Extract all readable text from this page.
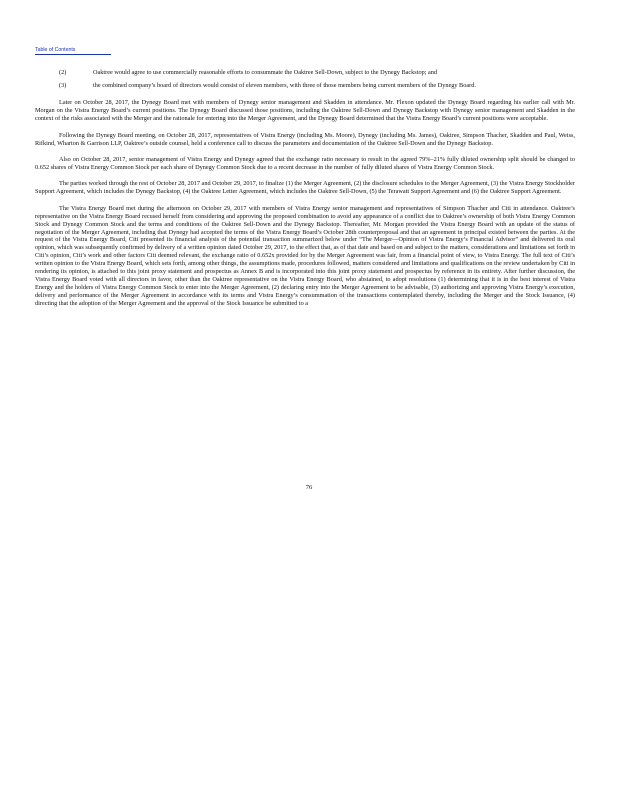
Table of Contents
(2)	Oaktree would agree to use commercially reasonable efforts to consummate the Oaktree Sell-Down, subject to the Dynegy Backstop; and
(3)	the combined company’s board of directors would consist of eleven members, with three of those members being current members of the Dynegy Board.

Later on October 28, 2017, the Dynegy Board met with members of Dynegy senior management and Skadden in attendance. Mr. Flexon updated the Dynegy Board regarding his earlier call with Mr. Morgan on the Vistra Energy Board’s current positions. The Dynegy Board discussed those positions, including the Oaktree Sell-Down and Dynegy Backstop with Dynegy senior management and Skadden in the context of the risks associated with the Merger and the rationale for entering into the Merger Agreement, and the Dynegy Board determined that the Vistra Energy Board’s current positions were acceptable.

Following the Dynegy Board meeting, on October 28, 2017, representatives of Vistra Energy (including Ms. Moore), Dynegy (including Ms. James), Oaktree, Simpson Thacher, Skadden and Paul, Weiss, Rifkind, Wharton & Garrison LLP, Oaktree’s outside counsel, held a conference call to discuss the parameters and documentation of the Oaktree Sell-Down and the Dynegy Backstop.

Also on October 28, 2017, senior management of Vistra Energy and Dynegy agreed that the exchange ratio necessary to result in the agreed 79%–21% fully diluted ownership split should be changed to 0.652 shares of Vistra Energy Common Stock per each share of Dynegy Common Stock due to a recent decrease in the number of fully diluted shares of Vistra Energy Common Stock.

The parties worked through the rest of October 28, 2017 and October 29, 2017, to finalize (1) the Merger Agreement, (2) the disclosure schedules to the Merger Agreement, (3) the Vistra Energy Stockholder Support Agreement, which includes the Dynegy Backstop, (4) the Oaktree Letter Agreement, which includes the Oaktree Sell-Down, (5) the Terawatt Support Agreement and (6) the Oaktree Support Agreement.

The Vistra Energy Board met during the afternoon on October 29, 2017 with members of Vistra Energy senior management and representatives of Simpson Thacher and Citi in attendance. Oaktree’s representative on the Vistra Energy Board recused herself from considering and approving the proposed combination to avoid any appearance of a conflict due to Oaktree’s ownership of both Vistra Energy Common Stock and Dynegy Common Stock and the terms and conditions of the Oaktree Sell-Down and the Dynegy Backstop. Thereafter, Mr. Morgan provided the Vistra Energy Board with an update of the status of negotiation of the Merger Agreement, including that Dynegy had accepted the terms of the Vistra Energy Board’s October 28th counterproposal and that an agreement in principal existed between the parties. At the request of the Vistra Energy Board, Citi presented its financial analysis of the potential transaction summarized below under “The Merger—Opinion of Vistra Energy’s Financial Advisor” and delivered its oral opinion, which was subsequently confirmed by delivery of a written opinion dated October 29, 2017, to the effect that, as of that date and based on and subject to the matters, considerations and limitations set forth in Citi’s opinion, Citi’s work and other factors Citi deemed relevant, the exchange ratio of 0.652x provided for by the Merger Agreement was fair, from a financial point of view, to Vistra Energy. The full text of Citi’s written opinion to the Vistra Energy Board, which sets forth, among other things, the assumptions made, procedures followed, matters considered and limitations and qualifications on the review undertaken by Citi in rendering its opinion, is attached to this joint proxy statement and prospectus as Annex B and is incorporated into this joint proxy statement and prospectus by reference in its entirety. After further discussion, the Vistra Energy Board voted with all directors in favor, other than the Oaktree representative on the Vistra Energy Board, who abstained, to adopt resolutions (1) determining that it is in the best interest of Vistra Energy and the holders of Vistra Energy Common Stock to enter into the Merger Agreement, (2) declaring entry into the Merger Agreement to be advisable, (3) authorizing and approving Vistra Energy’s execution, delivery and performance of the Merger Agreement in accordance with its terms and Vistra Energy’s consummation of the transactions contemplated thereby, including the Merger and the Stock Issuance, (4) directing that the adoption of the Merger Agreement and the approval of the Stock Issuance be submitted to a

76
